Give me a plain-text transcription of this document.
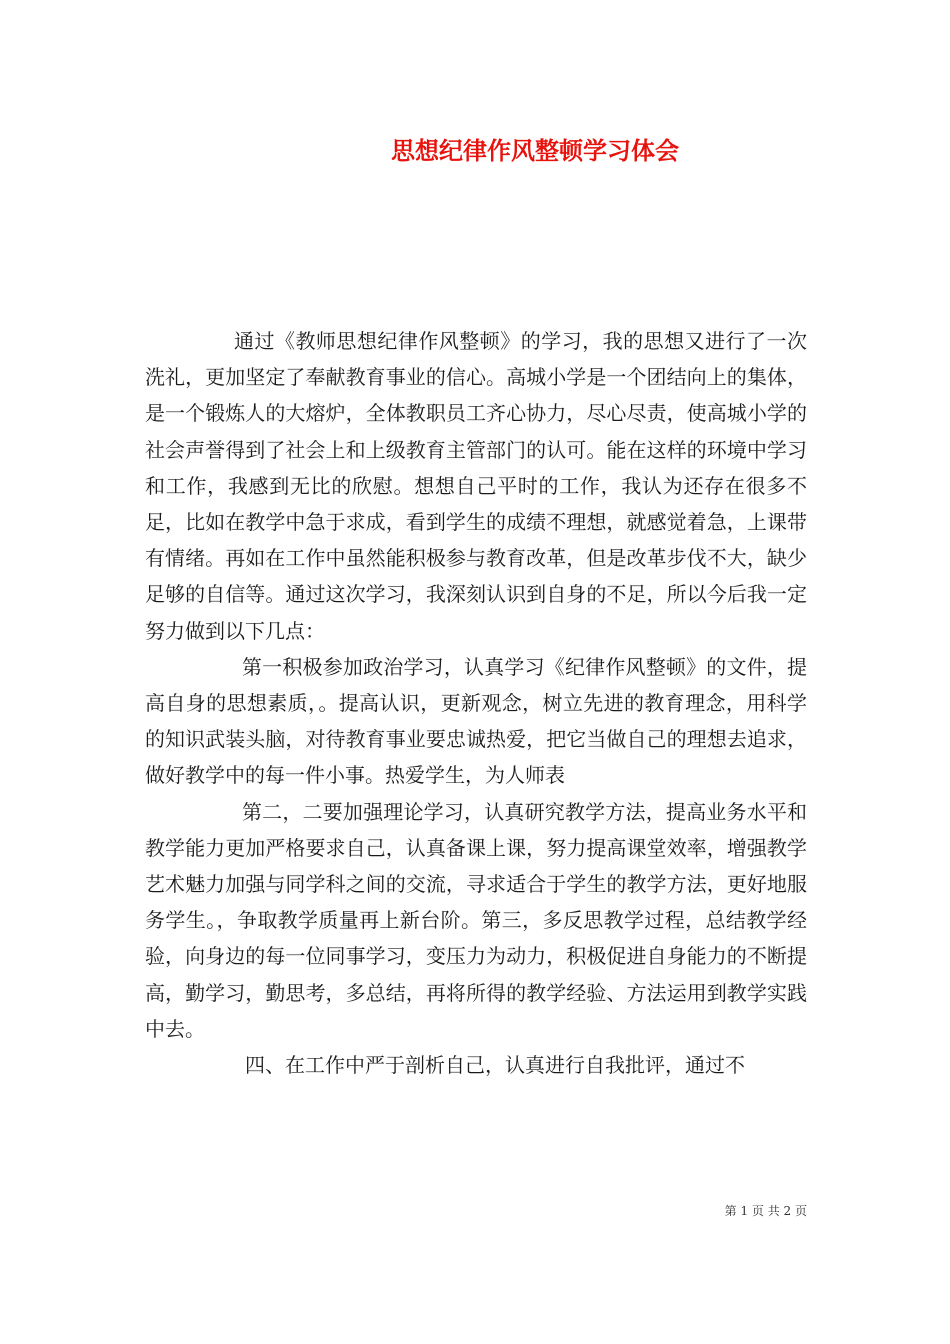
思想纪律作风整顿学习体会

通过《教师思想纪律作风整顿》的学习，我的思想又进行了一次洗礼，更加坚定了奉献教育事业的信心。高城小学是一个团结向上的集体，是一个锻炼人的大熔炉，全体教职员工齐心协力，尽心尽责，使高城小学的社会声誉得到了社会上和上级教育主管部门的认可。能在这样的环境中学习和工作，我感到无比的欣慰。想想自己平时的工作，我认为还存在很多不足，比如在教学中急于求成，看到学生的成绩不理想，就感觉着急，上课带有情绪。再如在工作中虽然能积极参与教育改革，但是改革步伐不大，缺少足够的自信等。通过这次学习，我深刻认识到自身的不足，所以今后我一定努力做到以下几点：

第一积极参加政治学习，认真学习《纪律作风整顿》的文件，提高自身的思想素质，。提高认识，更新观念，树立先进的教育理念，用科学的知识武装头脑，对待教育事业要忠诚热爱，把它当做自己的理想去追求，做好教学中的每一件小事。热爱学生，为人师表

第二，二要加强理论学习，认真研究教学方法，提高业务水平和教学能力更加严格要求自己，认真备课上课，努力提高课堂效率，增强教学艺术魅力加强与同学科之间的交流，寻求适合于学生的教学方法，更好地服务学生。，争取教学质量再上新台阶。第三，多反思教学过程，总结教学经验，向身边的每一位同事学习，变压力为动力，积极促进自身能力的不断提高，勤学习，勤思考，多总结，再将所得的教学经验、方法运用到教学实践中去。

四、在工作中严于剖析自己，认真进行自我批评，通过不

第 1 页 共 2 页
